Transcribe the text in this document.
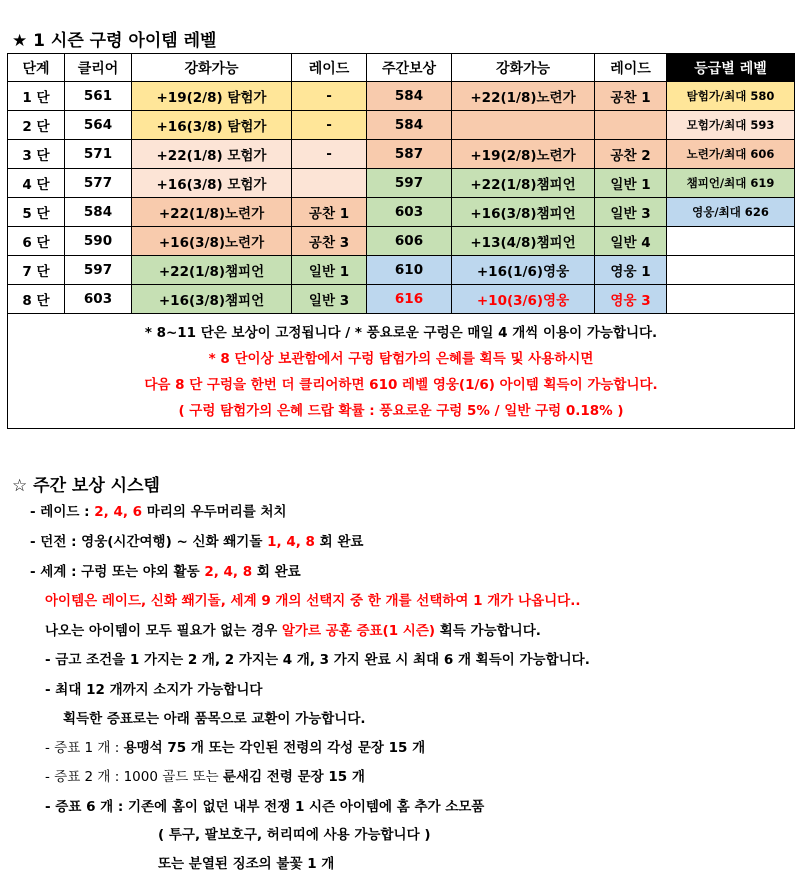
★ 1 시즌 구령 아이템 레벨
단계	클리어	강화가능	레이드	주간보상	강화가능	레이드	등급별 레벨
1 단	561	+19(2/8) 탐험가	-	584	+22(1/8)노련가	공찬 1	탐험가/최대 580
2 단	564	+16(3/8) 탐험가	-	584			모험가/최대 593
3 단	571	+22(1/8) 모험가	-	587	+19(2/8)노련가	공찬 2	노련가/최대 606
4 단	577	+16(3/8) 모험가		597	+22(1/8)챔피언	일반 1	챔피언/최대 619
5 단	584	+22(1/8)노련가	공찬 1	603	+16(3/8)챔피언	일반 3	영웅/최대 626
6 단	590	+16(3/8)노련가	공찬 3	606	+13(4/8)챔피언	일반 4	
7 단	597	+22(1/8)챔피언	일반 1	610	+16(1/6)영웅	영웅 1	
8 단	603	+16(3/8)챔피언	일반 3	616	+10(3/6)영웅	영웅 3	

* 8~11 단은 보상이 고정됩니다 / * 풍요로운 구렁은 매일 4 개씩 이용이 가능합니다.
* 8 단이상 보관함에서 구렁 탐험가의 은혜를 획득 및 사용하시면
다음 8 단 구렁을 한번 더 클리어하면 610 레벨 영웅(1/6) 아이템 획득이 가능합니다.
( 구렁 탐험가의 은혜 드랍 확률 : 풍요로운 구렁 5% / 일반 구렁 0.18% )							
☆ 주간 보상 시스템
- 레이드 : 2, 4, 6 마리의 우두머리를 처치
- 던전 : 영웅(시간여행) ~ 신화 쐐기돌 1, 4, 8 회 완료
- 세계 : 구렁 또는 야외 활동 2, 4, 8 회 완료
아이템은 레이드, 신화 쐐기돌, 세계 9 개의 선택지 중 한 개를 선택하여 1 개가 나옵니다..
나오는 아이템이 모두 필요가 없는 경우 알가르 공훈 증표(1 시즌) 획득 가능합니다.
- 금고 조건을 1 가지는 2 개, 2 가지는 4 개, 3 가지 완료 시 최대 6 개 획득이 가능합니다.
- 최대 12 개까지 소지가 가능합니다
획득한 증표로는 아래 품목으로 교환이 가능합니다.
- 증표 1 개 : 용맹석 75 개 또는 각인된 전령의 각성 문장 15 개
- 증표 2 개 : 1000 골드 또는 룬새김 전령 문장 15 개
- 증표 6 개 : 기존에 홈이 없던 내부 전쟁 1 시즌 아이템에 홈 추가 소모품
( 투구, 팔보호구, 허리띠에 사용 가능합니다 )
또는 분열된 징조의 불꽃 1 개
